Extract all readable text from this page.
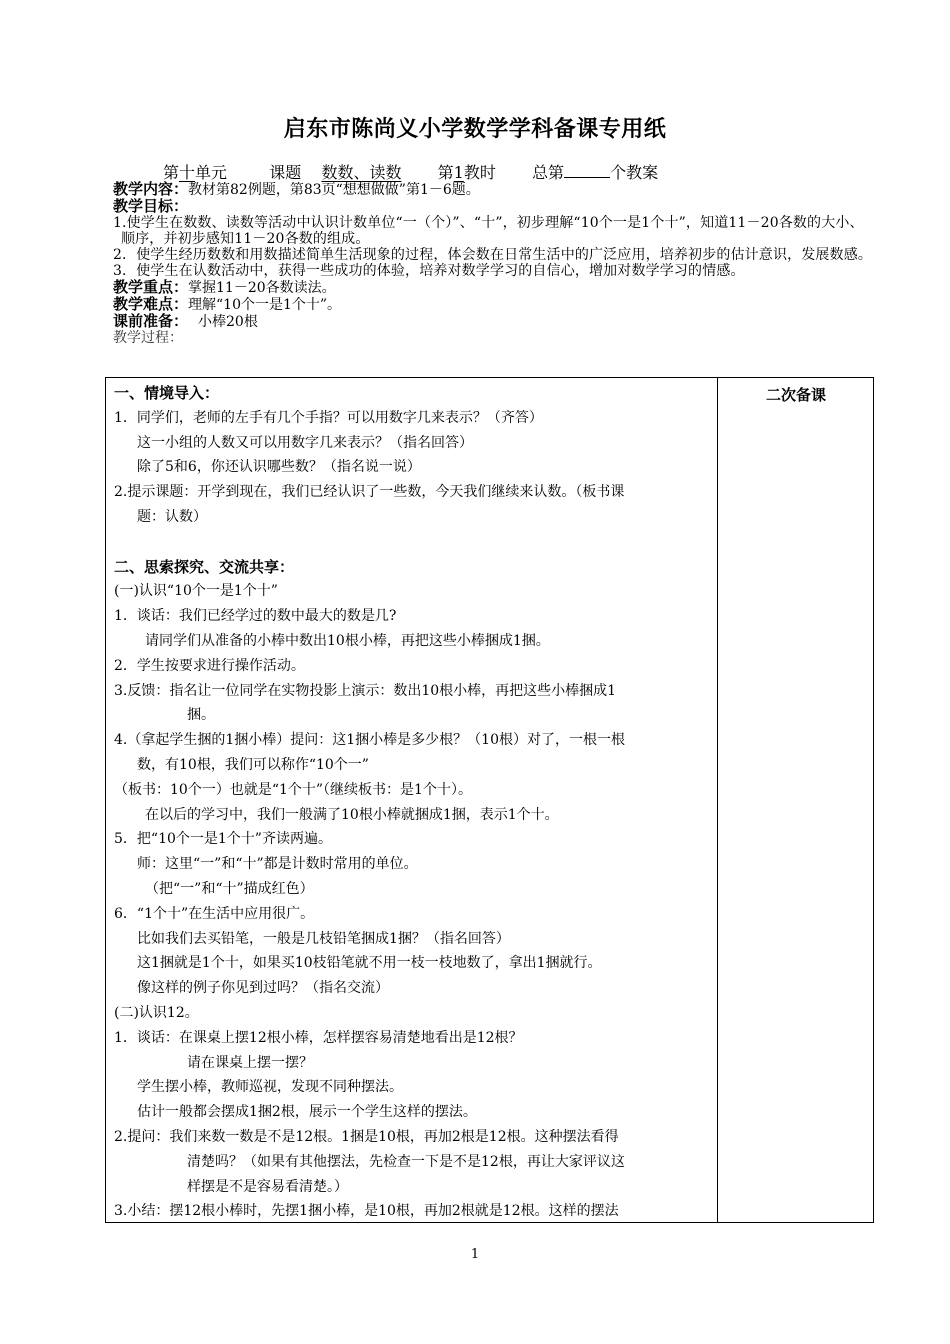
启东市陈尚义小学数学学科备课专用纸
第十单元	课题  数数、读数  第1教时 总第	个教案
教学内容：教材第82例题，第83页“想想做做”第1－6题。
教学目标：
1.使学生在数数、读数等活动中认识计数单位“一（个）”、“十”，初步理解“10个一是1个十”，知道11－20各数的大小、顺序，并初步感知11－20各数的组成。
2．使学生经历数数和用数描述简单生活现象的过程，体会数在日常生活中的广泛应用，培养初步的估计意识，发展数感。
3．使学生在认数活动中，获得一些成功的体验，培养对数学学习的自信心，增加对数学学习的情感。
教学重点：掌握11－20各数读法。
教学难点：理解“10个一是1个十”。
课前准备： 小棒20根
教学过程：
二次备课
一、情境导入：
1．同学们，老师的左手有几个手指？可以用数字几来表示？（齐答）
这一小组的人数又可以用数字几来表示？（指名回答）
除了5和6，你还认识哪些数？（指名说一说）
2.提示课题：开学到现在，我们已经认识了一些数，今天我们继续来认数。（板书课
题：认数）
二、思索探究、交流共享：
(一)认识“10个一是1个十”
1．谈话：我们已经学过的数中最大的数是几?
请同学们从准备的小棒中数出10根小棒，再把这些小棒捆成1捆。
2．学生按要求进行操作活动。
3.反馈：指名让一位同学在实物投影上演示：数出10根小棒，再把这些小棒捆成1
捆。
4.（拿起学生捆的1捆小棒）提问：这1捆小棒是多少根？（10根）对了，一根一根
数，有10根，我们可以称作“10个一”
（板书：10个一）也就是“1个十”（继续板书：是1个十）。
在以后的学习中，我们一般满了10根小棒就捆成1捆，表示1个十。
5．把“10个一是1个十”齐读两遍。
师：这里“一”和“十”都是计数时常用的单位。
（把“一”和“十”描成红色）
6．“1个十”在生活中应用很广。
比如我们去买铅笔，一般是几枝铅笔捆成1捆？（指名回答）
这1捆就是1个十，如果买10枝铅笔就不用一枝一枝地数了，拿出1捆就行。
像这样的例子你见到过吗？（指名交流）
(二)认识12。
1．谈话：在课桌上摆12根小棒，怎样摆容易清楚地看出是12根？
请在课桌上摆一摆？
学生摆小棒，教师巡视，发现不同种摆法。
估计一般都会摆成1捆2根，展示一个学生这样的摆法。
2.提问：我们来数一数是不是12根。1捆是10根，再加2根是12根。这种摆法看得
清楚吗？（如果有其他摆法，先检查一下是不是12根，再让大家评议这
样摆是不是容易看清楚。）
3.小结：摆12根小棒时，先摆1捆小棒，是10根，再加2根就是12根。这样的摆法
1
